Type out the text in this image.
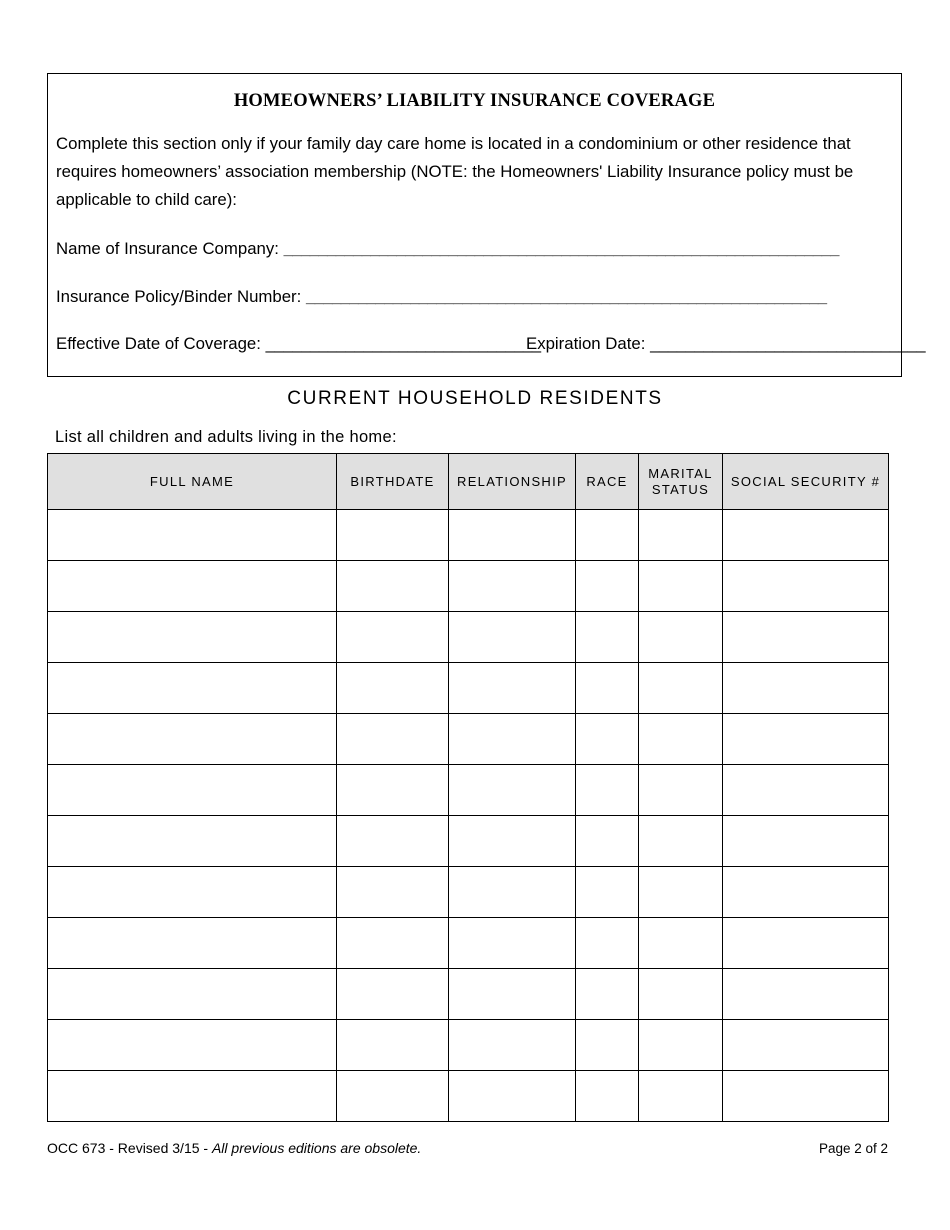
HOMEOWNERS’ LIABILITY INSURANCE COVERAGE
Complete this section only if your family day care home is located in a condominium or other residence that
requires homeowners’ association membership (NOTE: the Homeowners' Liability Insurance policy must be
applicable to child care):
Name of Insurance Company: ________________________________________________________________
Insurance Policy/Binder Number: ____________________________________________________________
Effective Date of Coverage: _______________________________
Expiration Date: _______________________________
CURRENT HOUSEHOLD RESIDENTS
List all children and adults living in the home:
FULL NAME	BIRTHDATE	RELATIONSHIP	RACE	MARITAL STATUS	SOCIAL SECURITY #

OCC 673 - Revised 3/15 - All previous editions are obsolete.	Page 2 of 2
